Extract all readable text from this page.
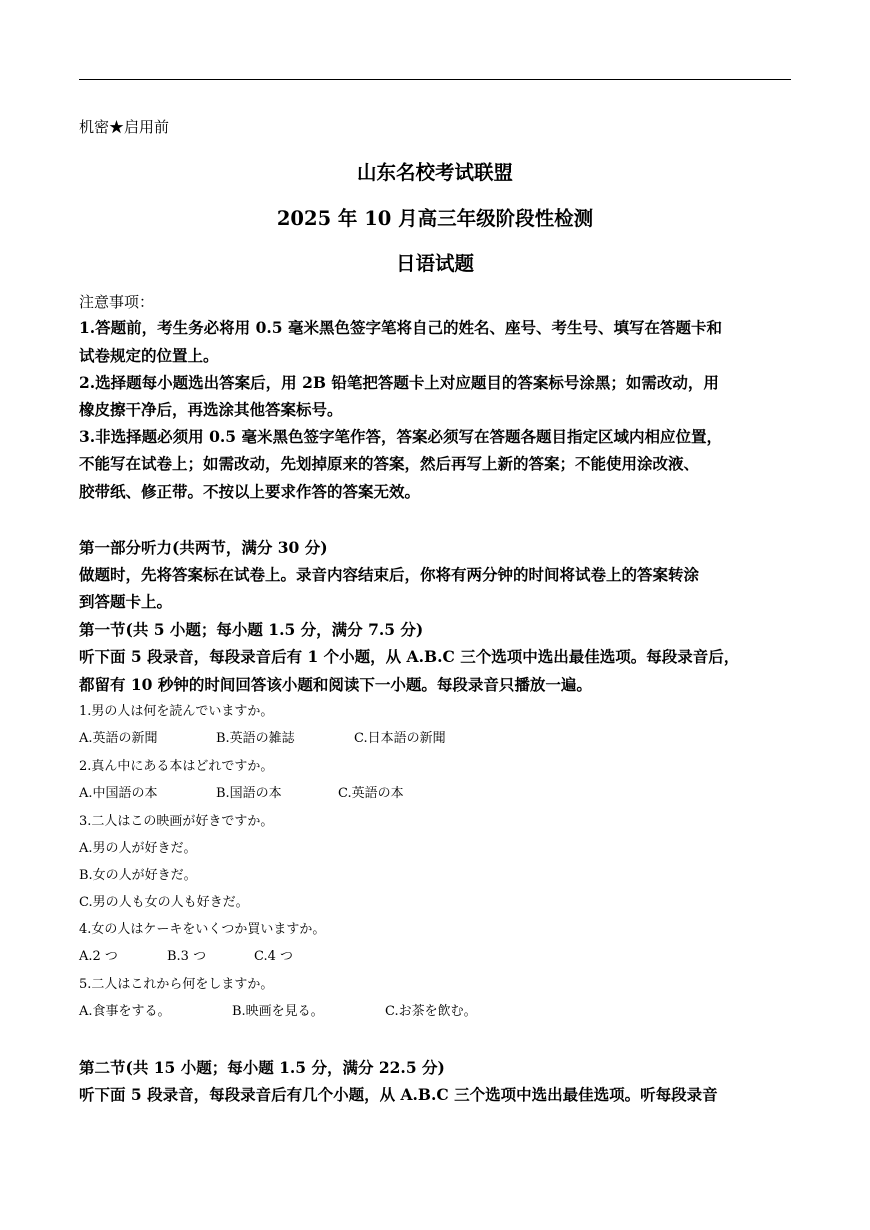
机密★启用前
山东名校考试联盟
2025 年 10 月高三年级阶段性检测
日语试题
注意事项：
1.答题前，考生务必将用 0.5 毫米黑色签字笔将自己的姓名、座号、考生号、填写在答题卡和
试卷规定的位置上。
2.选择题每小题选出答案后，用 2B 铅笔把答题卡上对应题目的答案标号涂黑；如需改动，用
橡皮擦干净后，再选涂其他答案标号。
3.非选择题必须用 0.5 毫米黑色签字笔作答，答案必须写在答题各题目指定区域内相应位置，
不能写在试卷上；如需改动，先划掉原来的答案，然后再写上新的答案；不能使用涂改液、
胶带纸、修正带。不按以上要求作答的答案无效。
第一部分听力(共两节，满分 30 分)
做题时，先将答案标在试卷上。录音内容结束后，你将有两分钟的时间将试卷上的答案转涂
到答题卡上。
第一节(共 5 小题；每小题 1.5 分，满分 7.5 分)
听下面 5 段录音，每段录音后有 1 个小题，从 A.B.C 三个选项中选出最佳选项。每段录音后，
都留有 10 秒钟的时间回答该小题和阅读下一小题。每段录音只播放一遍。
1.男の人は何を読んでいますか。
A.英語の新聞	B.英語の雑誌	C.日本語の新聞
2.真ん中にある本はどれですか。
A.中国語の本	B.国語の本	C.英語の本
3.二人はこの映画が好きですか。
A.男の人が好きだ。
B.女の人が好きだ。
C.男の人も女の人も好きだ。
4.女の人はケーキをいくつか買いますか。
A.2 つ	B.3 つ	C.4 つ
5.二人はこれから何をしますか。
A.食事をする。	B.映画を見る。	C.お茶を飲む。
第二节(共 15 小题；每小题 1.5 分，满分 22.5 分)
听下面 5 段录音，每段录音后有几个小题，从 A.B.C 三个选项中选出最佳选项。听每段录音
